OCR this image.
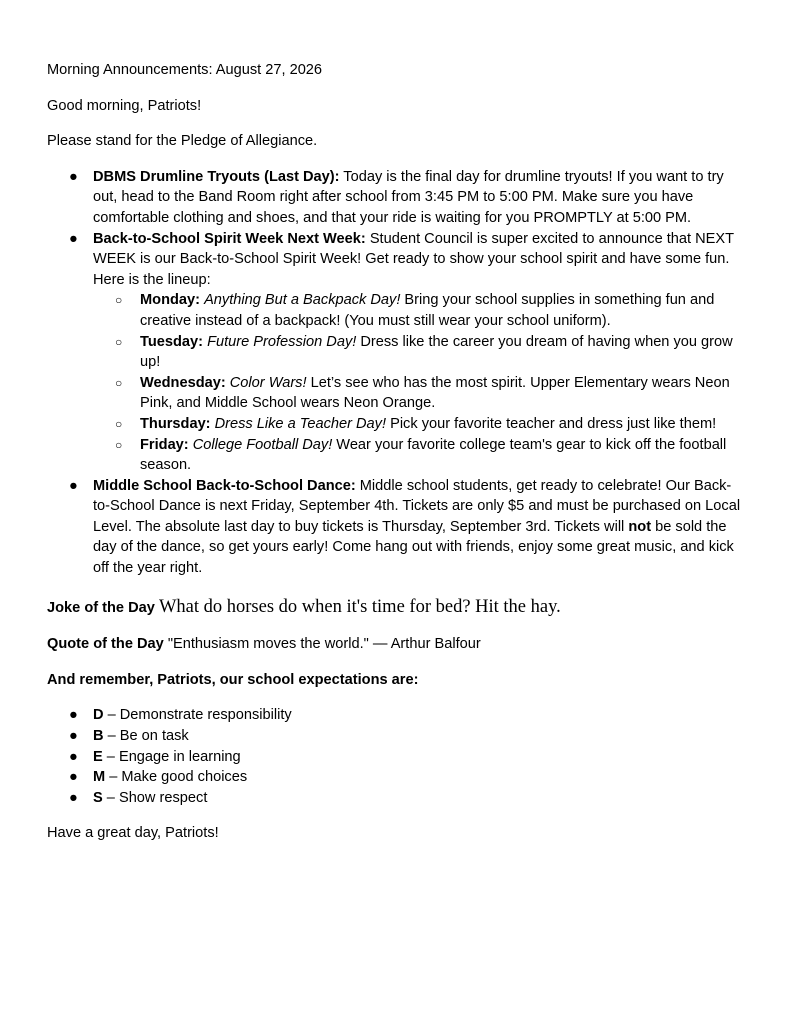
Morning Announcements: August 27, 2026

Good morning, Patriots!

Please stand for the Pledge of Allegiance.

● DBMS Drumline Tryouts (Last Day): Today is the final day for drumline tryouts! If you want to try out, head to the Band Room right after school from 3:45 PM to 5:00 PM. Make sure you have comfortable clothing and shoes, and that your ride is waiting for you PROMPTLY at 5:00 PM.
● Back-to-School Spirit Week Next Week: Student Council is super excited to announce that NEXT WEEK is our Back-to-School Spirit Week! Get ready to show your school spirit and have some fun. Here is the lineup:
○ Monday: Anything But a Backpack Day! Bring your school supplies in something fun and creative instead of a backpack! (You must still wear your school uniform).
○ Tuesday: Future Profession Day! Dress like the career you dream of having when you grow up!
○ Wednesday: Color Wars! Let’s see who has the most spirit. Upper Elementary wears Neon Pink, and Middle School wears Neon Orange.
○ Thursday: Dress Like a Teacher Day! Pick your favorite teacher and dress just like them!
○ Friday: College Football Day! Wear your favorite college team's gear to kick off the football season.
● Middle School Back-to-School Dance: Middle school students, get ready to celebrate! Our Back-to-School Dance is next Friday, September 4th. Tickets are only $5 and must be purchased on Local Level. The absolute last day to buy tickets is Thursday, September 3rd. Tickets will not be sold the day of the dance, so get yours early! Come hang out with friends, enjoy some great music, and kick off the year right.

Joke of the Day What do horses do when it's time for bed? Hit the hay.

Quote of the Day "Enthusiasm moves the world." — Arthur Balfour

And remember, Patriots, our school expectations are:

● D – Demonstrate responsibility
● B – Be on task
● E – Engage in learning
● M – Make good choices
● S – Show respect

Have a great day, Patriots!
